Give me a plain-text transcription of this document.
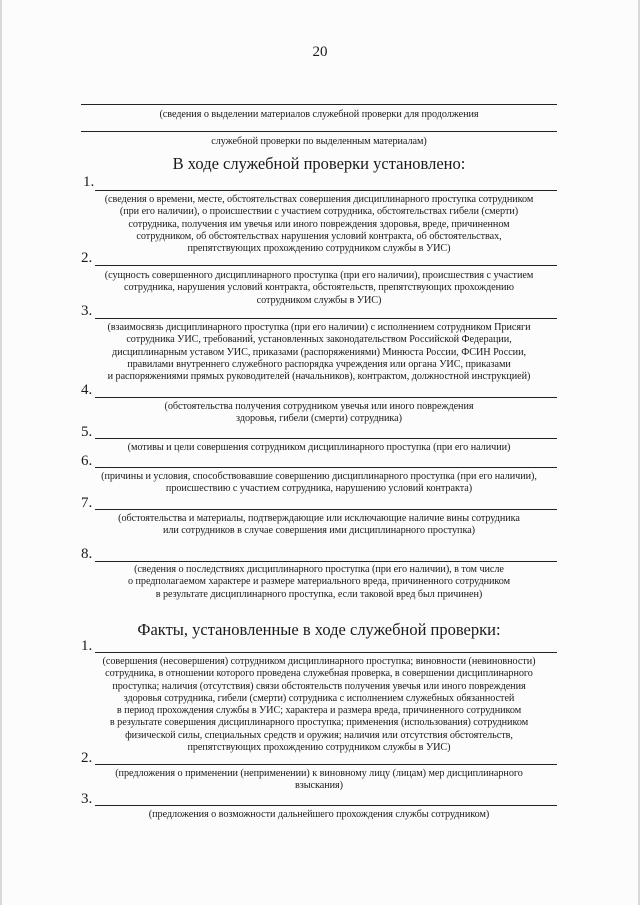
20
(сведения о выделении материалов служебной проверки для продолжения
служебной проверки по выделенным материалам)
В ходе служебной проверки установлено:
1.
(сведения о времени, месте, обстоятельствах совершения дисциплинарного проступка сотрудником
(при его наличии), о происшествии с участием сотрудника, обстоятельствах гибели (смерти)
сотрудника, получения им увечья или иного повреждения здоровья, вреде, причиненном
сотрудником, об обстоятельствах нарушения условий контракта, об обстоятельствах,
препятствующих прохождению сотрудником службы в УИС)
2.
(сущность совершенного дисциплинарного проступка (при его наличии), происшествия с участием
сотрудника, нарушения условий контракта, обстоятельств, препятствующих прохождению
сотрудником службы в УИС)
3.
(взаимосвязь дисциплинарного проступка (при его наличии) с исполнением сотрудником Присяги
сотрудника УИС, требований, установленных законодательством Российской Федерации,
дисциплинарным уставом УИС, приказами (распоряжениями) Минюста России, ФСИН России,
правилами внутреннего служебного распорядка учреждения или органа УИС, приказами
и распоряжениями прямых руководителей (начальников), контрактом, должностной инструкцией)
4.
(обстоятельства получения сотрудником увечья или иного повреждения
здоровья, гибели (смерти) сотрудника)
5.
(мотивы и цели совершения сотрудником дисциплинарного проступка (при его наличии)
6.
(причины и условия, способствовавшие совершению дисциплинарного проступка (при его наличии),
происшествию с участием сотрудника, нарушению условий контракта)
7.
(обстоятельства и материалы, подтверждающие или исключающие наличие вины сотрудника
или сотрудников в случае совершения ими дисциплинарного проступка)
8.
(сведения о последствиях дисциплинарного проступка (при его наличии), в том числе
о предполагаемом характере и размере материального вреда, причиненного сотрудником
в результате дисциплинарного проступка, если таковой вред был причинен)
Факты, установленные в ходе служебной проверки:
1.
(совершения (несовершения) сотрудником дисциплинарного проступка; виновности (невиновности)
сотрудника, в отношении которого проведена служебная проверка, в совершении дисциплинарного
проступка; наличия (отсутствия) связи обстоятельств получения увечья или иного повреждения
здоровья сотрудника, гибели (смерти) сотрудника с исполнением служебных обязанностей
в период прохождения службы в УИС; характера и размера вреда, причиненного сотрудником
в результате совершения дисциплинарного проступка; применения (использования) сотрудником
физической силы, специальных средств и оружия; наличия или отсутствия обстоятельств,
препятствующих прохождению сотрудником службы в УИС)
2.
(предложения о применении (неприменении) к виновному лицу (лицам) мер дисциплинарного
взыскания)
3.
(предложения о возможности дальнейшего прохождения службы сотрудником)
